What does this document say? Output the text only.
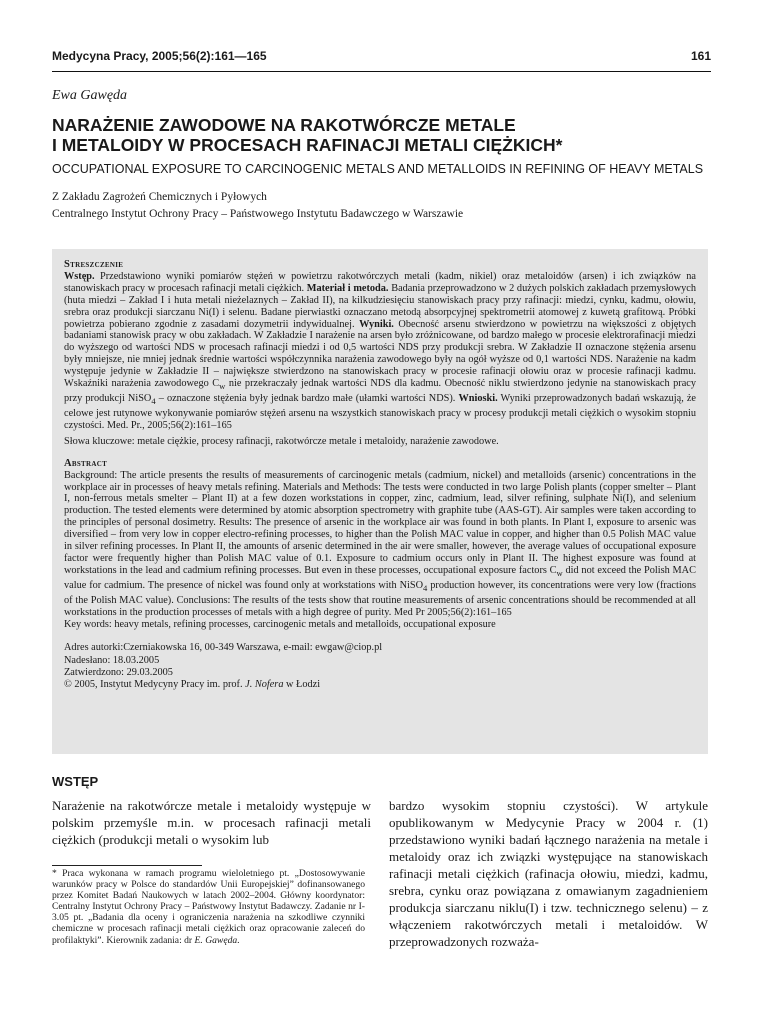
Medycyna Pracy, 2005;56(2):161—165	161
Ewa Gawęda
NARAŻENIE ZAWODOWE NA RAKOTWÓRCZE METALE
I METALOIDY W PROCESACH RAFINACJI METALI CIĘŻKICH*
OCCUPATIONAL EXPOSURE TO CARCINOGENIC METALS AND METALLOIDS IN REFINING OF HEAVY METALS
Z Zakładu Zagrożeń Chemicznych i Pyłowych
Centralnego Instytut Ochrony Pracy – Państwowego Instytutu Badawczego w Warszawie

Streszczenie

Wstęp. Przedstawiono wyniki pomiarów stężeń w powietrzu rakotwórczych metali (kadm, nikiel) oraz metaloidów (arsen) i ich związków na stanowiskach pracy w procesach rafinacji metali ciężkich. Materiał i metoda. Badania przeprowadzono w 2 dużych polskich zakładach przemysłowych (huta miedzi – Zakład I i huta metali nieżelaznych – Zakład II), na kilkudziesięciu stanowiskach pracy przy rafinacji: miedzi, cynku, kadmu, ołowiu, srebra oraz produkcji siarczanu Ni(I) i selenu. Badane pierwiastki oznaczano metodą absorpcyjnej spektrometrii atomowej z kuwetą grafitową. Próbki powietrza pobierano zgodnie z zasadami dozymetrii indywidualnej. Wyniki. Obecność arsenu stwierdzono w powietrzu na większości z objętych badaniami stanowisk pracy w obu zakładach. W Zakładzie I narażenie na arsen było zróżnicowane, od bardzo małego w procesie elektrorafinacji miedzi do wyższego od wartości NDS w procesach rafinacji miedzi i od 0,5 wartości NDS przy produkcji srebra. W Zakładzie II oznaczone stężenia arsenu były mniejsze, nie mniej jednak średnie wartości współczynnika narażenia zawodowego były na ogół wyższe od 0,1 wartości NDS. Narażenie na kadm występuje jedynie w Zakładzie II – największe stwierdzono na stanowiskach pracy w procesie rafinacji ołowiu oraz w procesie rafinacji kadmu. Wskaźniki narażenia zawodowego $C_w$ nie przekraczały jednak wartości NDS dla kadmu. Obecność niklu stwierdzono jedynie na stanowiskach pracy przy produkcji NiSO$_4$ – oznaczone stężenia były jednak bardzo małe (ułamki wartości NDS). Wnioski. Wyniki przeprowadzonych badań wskazują, że celowe jest rutynowe wykonywanie pomiarów stężeń arsenu na wszystkich stanowiskach pracy w procesy produkcji metali ciężkich o wysokim stopniu czystości. Med. Pr., 2005;56(2):161–165

Słowa kluczowe: metale ciężkie, procesy rafinacji, rakotwórcze metale i metaloidy, narażenie zawodowe.

Abstract

Background: The article presents the results of measurements of carcinogenic metals (cadmium, nickel) and metalloids (arsenic) concentrations in the workplace air in processes of heavy metals refining. Materials and Methods: The tests were conducted in two large Polish plants (copper smelter – Plant I, non-ferrous metals smelter – Plant II) at a few dozen workstations in copper, zinc, cadmium, lead, silver refining, sulphate Ni(I), and selenium production. The tested elements were determined by atomic absorption spectrometry with graphite tube (AAS-GT). Air samples were taken according to the principles of personal dosimetry. Results: The presence of arsenic in the workplace air was found in both plants. In Plant I, exposure to arsenic was diversified – from very low in copper electro-refining processes, to higher than the Polish MAC value in copper, and higher than 0.5 Polish MAC value in silver refining processes. In Plant II, the amounts of arsenic determined in the air were smaller, however, the average values of occupational exposure factor were frequently higher than Polish MAC value of 0.1. Exposure to cadmium occurs only in Plant II. The highest exposure was found at workstations in the lead and cadmium refining processes. But even in these processes, occupational exposure factors $C_w$ did not exceed the Polish MAC value for cadmium. The presence of nickel was found only at workstations with NiSO$_4$ production however, its concentrations were very low (fractions of the Polish MAC value). Conclusions: The results of the tests show that routine measurements of arsenic concentrations should be recommended at all workstations in the production processes of metals with a high degree of purity. Med Pr 2005;56(2):161–165

Key words: heavy metals, refining processes, carcinogenic metals and metalloids, occupational exposure

Adres autorki:Czerniakowska 16, 00-349 Warszawa, e-mail: ewgaw@ciop.pl
Nadesłano: 18.03.2005
Zatwierdzono: 29.03.2005
© 2005, Instytut Medycyny Pracy im. prof. J. Nofera w Łodzi
WSTĘP
Narażenie na rakotwórcze metale i metaloidy występuje w polskim przemyśle m.in. w procesach rafinacji metali ciężkich (produkcji metali o wysokim lub
* Praca wykonana w ramach programu wieloletniego pt. „Dostosowywanie warunków pracy w Polsce do standardów Unii Europejskiej” dofinansowanego przez Komitet Badań Naukowych w latach 2002–2004. Główny koordynator: Centralny Instytut Ochrony Pracy – Państwowy Instytut Badawczy. Zadanie nr I-3.05 pt. „Badania dla oceny i ograniczenia narażenia na szkodliwe czynniki chemiczne w procesach rafinacji metali ciężkich oraz opracowanie zaleceń do profilaktyki”. Kierownik zadania: dr E. Gawęda.
bardzo wysokim stopniu czystości). W artykule opublikowanym w Medycynie Pracy w 2004 r. (1) przedstawiono wyniki badań łącznego narażenia na metale i metaloidy oraz ich związki występujące na stanowiskach rafinacji metali ciężkich (rafinacja ołowiu, miedzi, kadmu, srebra, cynku oraz powiązana z omawianym zagadnieniem produkcja siarczanu niklu(I) i tzw. technicznego selenu) – z włączeniem rakotwórczych metali i metaloidów. W przeprowadzonych rozważa-
